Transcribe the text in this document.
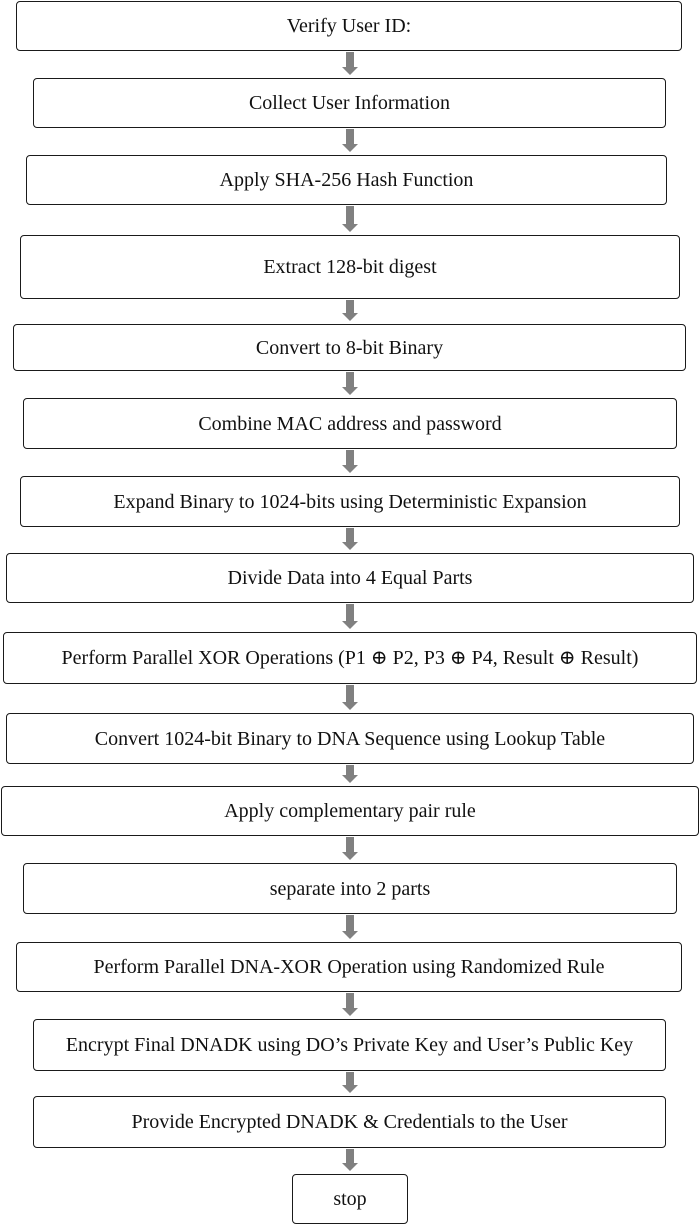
Verify User ID:
Collect User Information
Apply SHA-256 Hash Function
Extract 128-bit digest
Convert to 8-bit Binary
Combine MAC address and password
Expand Binary to 1024-bits using Deterministic Expansion
Divide Data into 4 Equal Parts
Perform Parallel XOR Operations (P1 ⊕ P2, P3 ⊕ P4, Result ⊕ Result)
Convert 1024-bit Binary to DNA Sequence using Lookup Table
Apply complementary pair rule
separate into 2 parts
Perform Parallel DNA-XOR Operation using Randomized Rule
Encrypt Final DNADK using DO’s Private Key and User’s Public Key
Provide Encrypted DNADK & Credentials to the User
stop
